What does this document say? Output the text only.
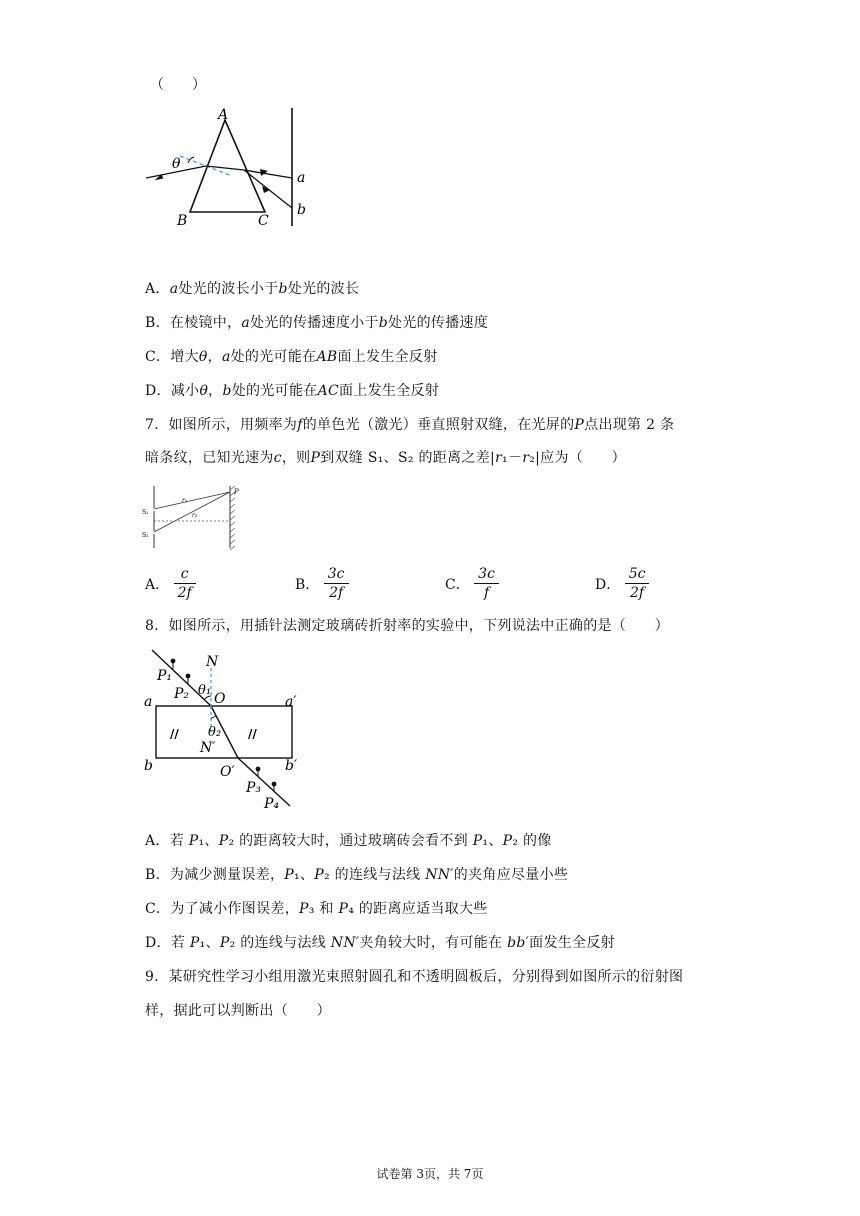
（　　）
A
B	C
θ
a
b
A．a处光的波长小于b处光的波长
B．在棱镜中，a处光的传播速度小于b处光的传播速度
C．增大θ，a处的光可能在AB面上发生全反射
D．减小θ，b处的光可能在AC面上发生全反射
7．如图所示，用频率为f的单色光（激光）垂直照射双缝，在光屏的P点出现第 2 条
暗条纹，已知光速为c，则P到双缝 S₁、S₂ 的距离之差|r₁－r₂|应为（　　）
P
S₁
S₂
r₁
r₂
A． $\frac{c}{2f}$	B． $\frac{3c}{2f}$	C． $\frac{3c}{f}$	D． $\frac{5c}{2f}$
8．如图所示，用插针法测定玻璃砖折射率的实验中，下列说法中正确的是（　　）
P₁
P₂
P₃
P₄
N
N′
O
O′
a	a′
b	b′
θ₁
θ₂
//	//
A．若 P₁、P₂ 的距离较大时，通过玻璃砖会看不到 P₁、P₂ 的像
B．为减少测量误差，P₁、P₂ 的连线与法线 NN′的夹角应尽量小些
C．为了减小作图误差，P₃ 和 P₄ 的距离应适当取大些
D．若 P₁、P₂ 的连线与法线 NN′夹角较大时，有可能在 bb′面发生全反射
9．某研究性学习小组用激光束照射圆孔和不透明圆板后，分别得到如图所示的衍射图
样，据此可以判断出（　　）
试卷第 3页，共 7页
